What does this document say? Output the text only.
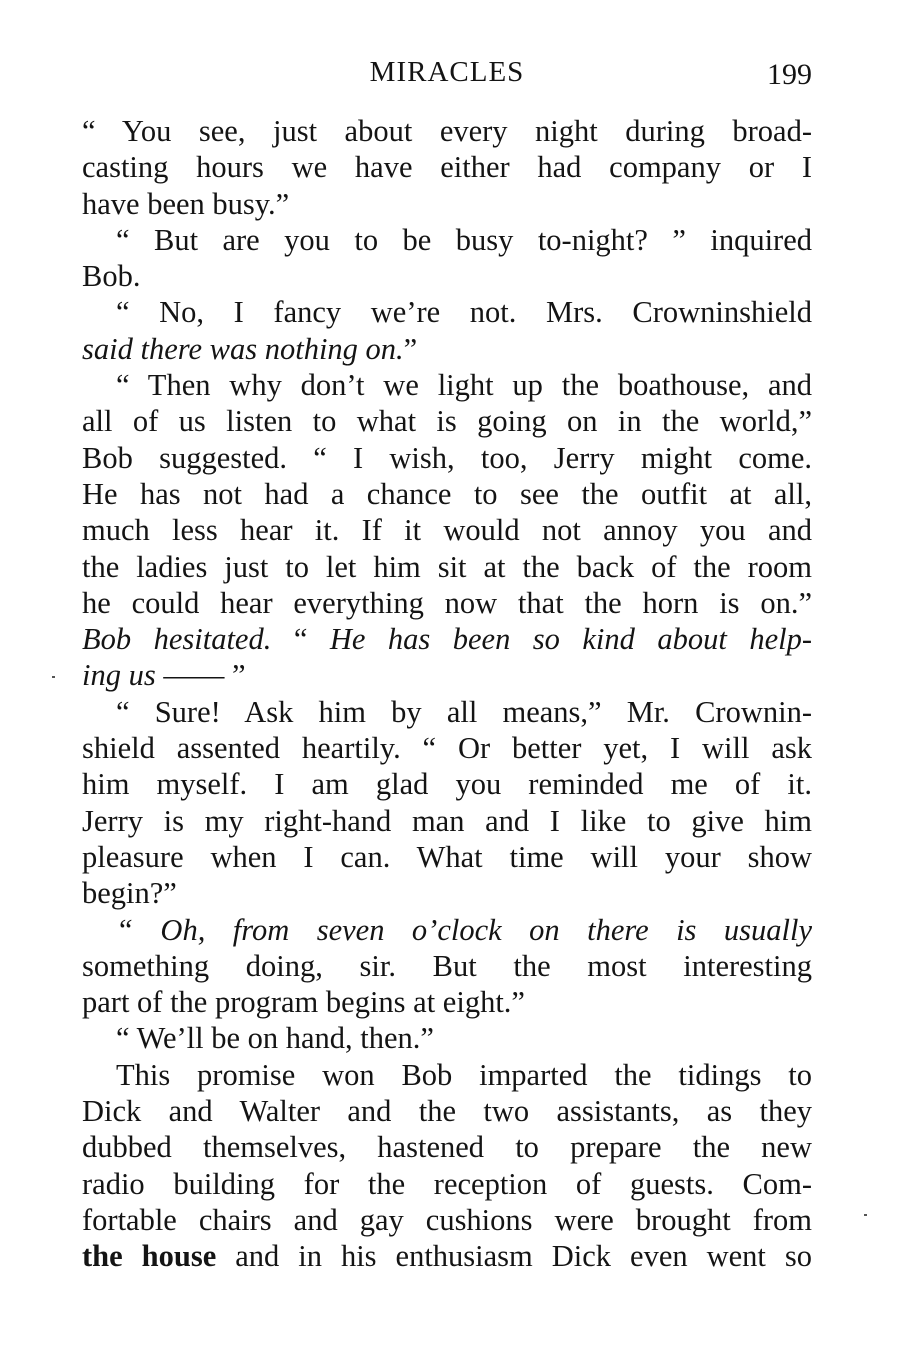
MIRACLES	199
“ You see, just about every night during broad-
casting hours we have either had company or I
have been busy.”
“ But are you to be busy to-night? ” inquired
Bob.
“ No, I fancy we’re not. Mrs. Crowninshield
said there was nothing on.”
“ Then why don’t we light up the boathouse, and
all of us listen to what is going on in the world,”
Bob suggested. “ I wish, too, Jerry might come.
He has not had a chance to see the outfit at all,
much less hear it. If it would not annoy you and
the ladies just to let him sit at the back of the room
he could hear everything now that the horn is on.”
Bob hesitated. “ He has been so kind about help-
ing us —— ”
“ Sure! Ask him by all means,” Mr. Crownin-
shield assented heartily. “ Or better yet, I will ask
him myself. I am glad you reminded me of it.
Jerry is my right-hand man and I like to give him
pleasure when I can. What time will your show
begin?”
“ Oh, from seven o’clock on there is usually
something doing, sir. But the most interesting
part of the program begins at eight.”
“ We’ll be on hand, then.”
This promise won Bob imparted the tidings to
Dick and Walter and the two assistants, as they
dubbed themselves, hastened to prepare the new
radio building for the reception of guests. Com-
fortable chairs and gay cushions were brought from
the house and in his enthusiasm Dick even went so
